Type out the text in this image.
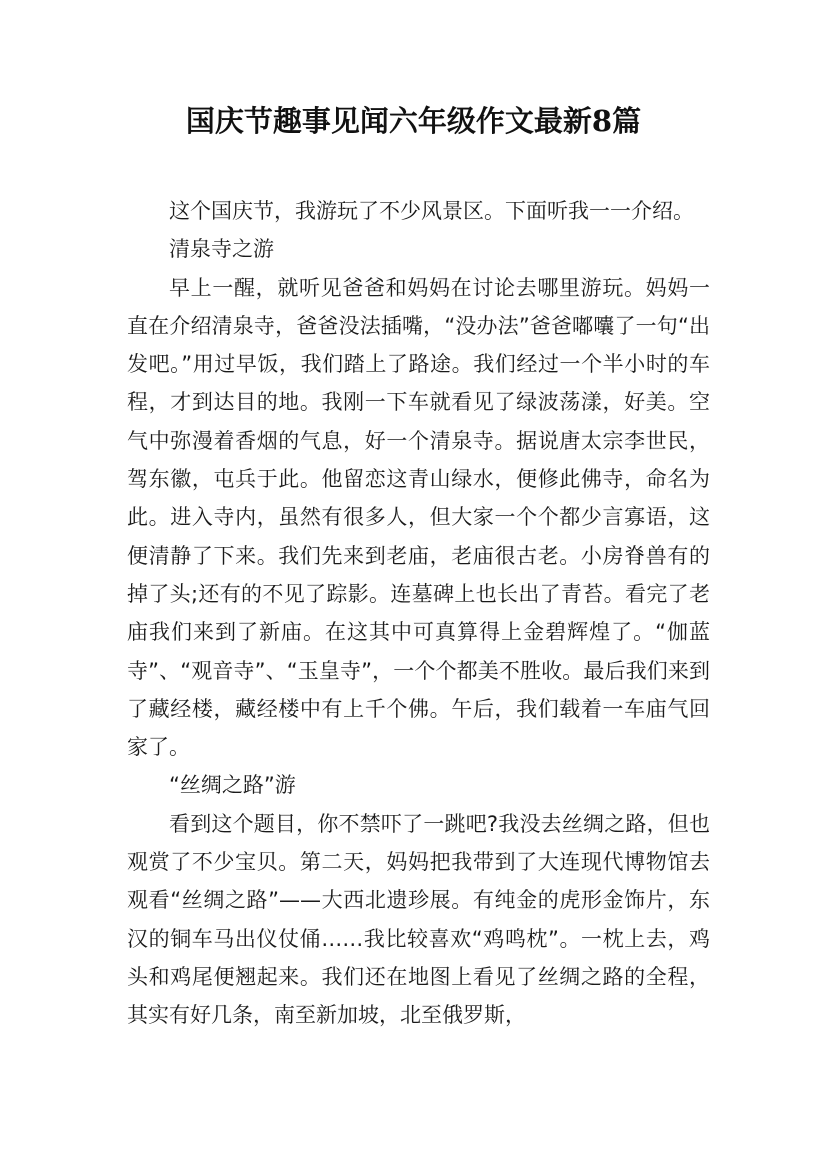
国庆节趣事见闻六年级作文最新8篇

这个国庆节，我游玩了不少风景区。下面听我一一介绍。

清泉寺之游

早上一醒，就听见爸爸和妈妈在讨论去哪里游玩。妈妈一直在介绍清泉寺，爸爸没法插嘴，“没办法”爸爸嘟囔了一句“出发吧。”用过早饭，我们踏上了路途。我们经过一个半小时的车程，才到达目的地。我刚一下车就看见了绿波荡漾，好美。空气中弥漫着香烟的气息，好一个清泉寺。据说唐太宗李世民，驾东徽，屯兵于此。他留恋这青山绿水，便修此佛寺，命名为此。进入寺内，虽然有很多人，但大家一个个都少言寡语，这便清静了下来。我们先来到老庙，老庙很古老。小房脊兽有的掉了头;还有的不见了踪影。连墓碑上也长出了青苔。看完了老庙我们来到了新庙。在这其中可真算得上金碧辉煌了。“伽蓝寺”、“观音寺”、“玉皇寺”，一个个都美不胜收。最后我们来到了藏经楼，藏经楼中有上千个佛。午后，我们载着一车庙气回家了。

“丝绸之路”游

看到这个题目，你不禁吓了一跳吧?我没去丝绸之路，但也观赏了不少宝贝。第二天，妈妈把我带到了大连现代博物馆去观看“丝绸之路”——大西北遗珍展。有纯金的虎形金饰片，东汉的铜车马出仪仗俑……我比较喜欢“鸡鸣枕”。一枕上去，鸡头和鸡尾便翘起来。我们还在地图上看见了丝绸之路的全程，其实有好几条，南至新加坡，北至俄罗斯，
